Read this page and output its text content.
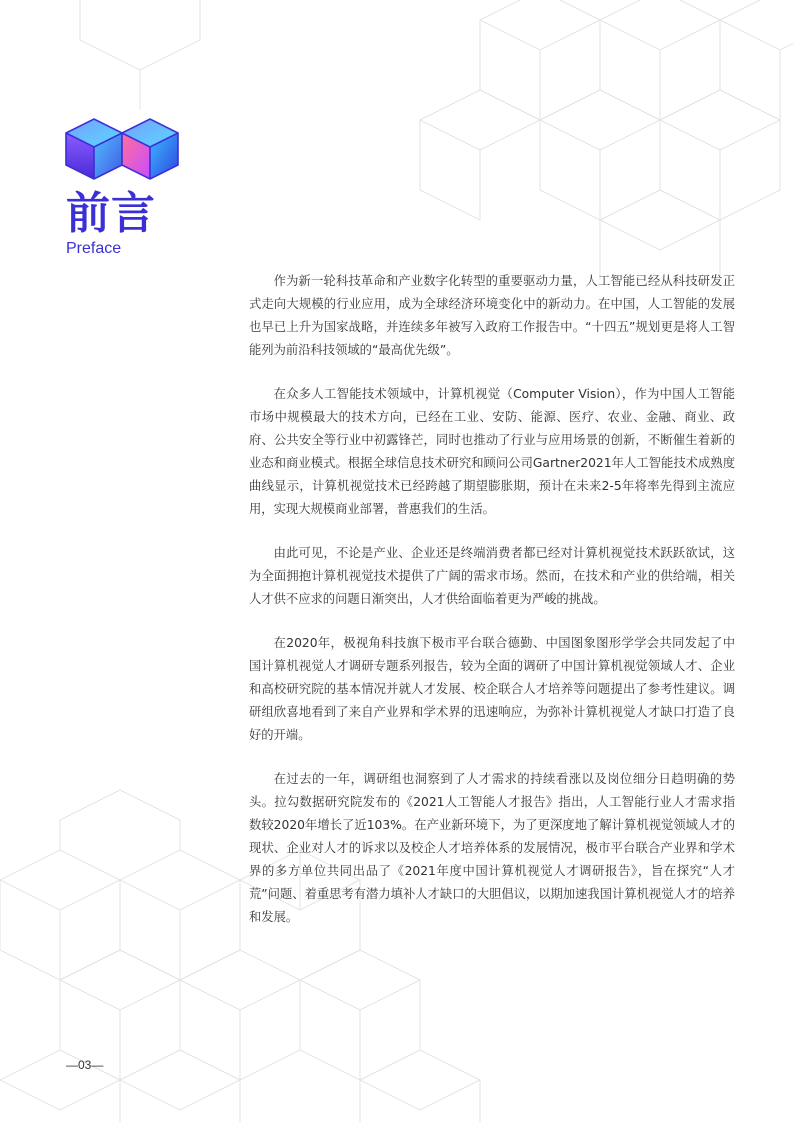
前言
Preface

作为新一轮科技革命和产业数字化转型的重要驱动力量，人工智能已经从科技研发正式走向大规模的行业应用，成为全球经济环境变化中的新动力。在中国，人工智能的发展也早已上升为国家战略，并连续多年被写入政府工作报告中。“十四五”规划更是将人工智能列为前沿科技领域的“最高优先级”。

在众多人工智能技术领域中，计算机视觉（Computer Vision），作为中国人工智能市场中规模最大的技术方向，已经在工业、安防、能源、医疗、农业、金融、商业、政府、公共安全等行业中初露锋芒，同时也推动了行业与应用场景的创新，不断催生着新的业态和商业模式。根据全球信息技术研究和顾问公司Gartner2021年人工智能技术成熟度曲线显示，计算机视觉技术已经跨越了期望膨胀期，预计在未来2-5年将率先得到主流应用，实现大规模商业部署，普惠我们的生活。

由此可见，不论是产业、企业还是终端消费者都已经对计算机视觉技术跃跃欲试，这为全面拥抱计算机视觉技术提供了广阔的需求市场。然而，在技术和产业的供给端，相关人才供不应求的问题日渐突出，人才供给面临着更为严峻的挑战。

在2020年，极视角科技旗下极市平台联合德勤、中国图象图形学学会共同发起了中国计算机视觉人才调研专题系列报告，较为全面的调研了中国计算机视觉领域人才、企业和高校研究院的基本情况并就人才发展、校企联合人才培养等问题提出了参考性建议。调研组欣喜地看到了来自产业界和学术界的迅速响应，为弥补计算机视觉人才缺口打造了良好的开端。

在过去的一年，调研组也洞察到了人才需求的持续看涨以及岗位细分日趋明确的势头。拉勾数据研究院发布的《2021人工智能人才报告》指出，人工智能行业人才需求指数较2020年增长了近103%。在产业新环境下，为了更深度地了解计算机视觉领域人才的现状、企业对人才的诉求以及校企人才培养体系的发展情况，极市平台联合产业界和学术界的多方单位共同出品了《2021年度中国计算机视觉人才调研报告》，旨在探究“人才荒”问题、着重思考有潜力填补人才缺口的大胆倡议，以期加速我国计算机视觉人才的培养和发展。

—03—
